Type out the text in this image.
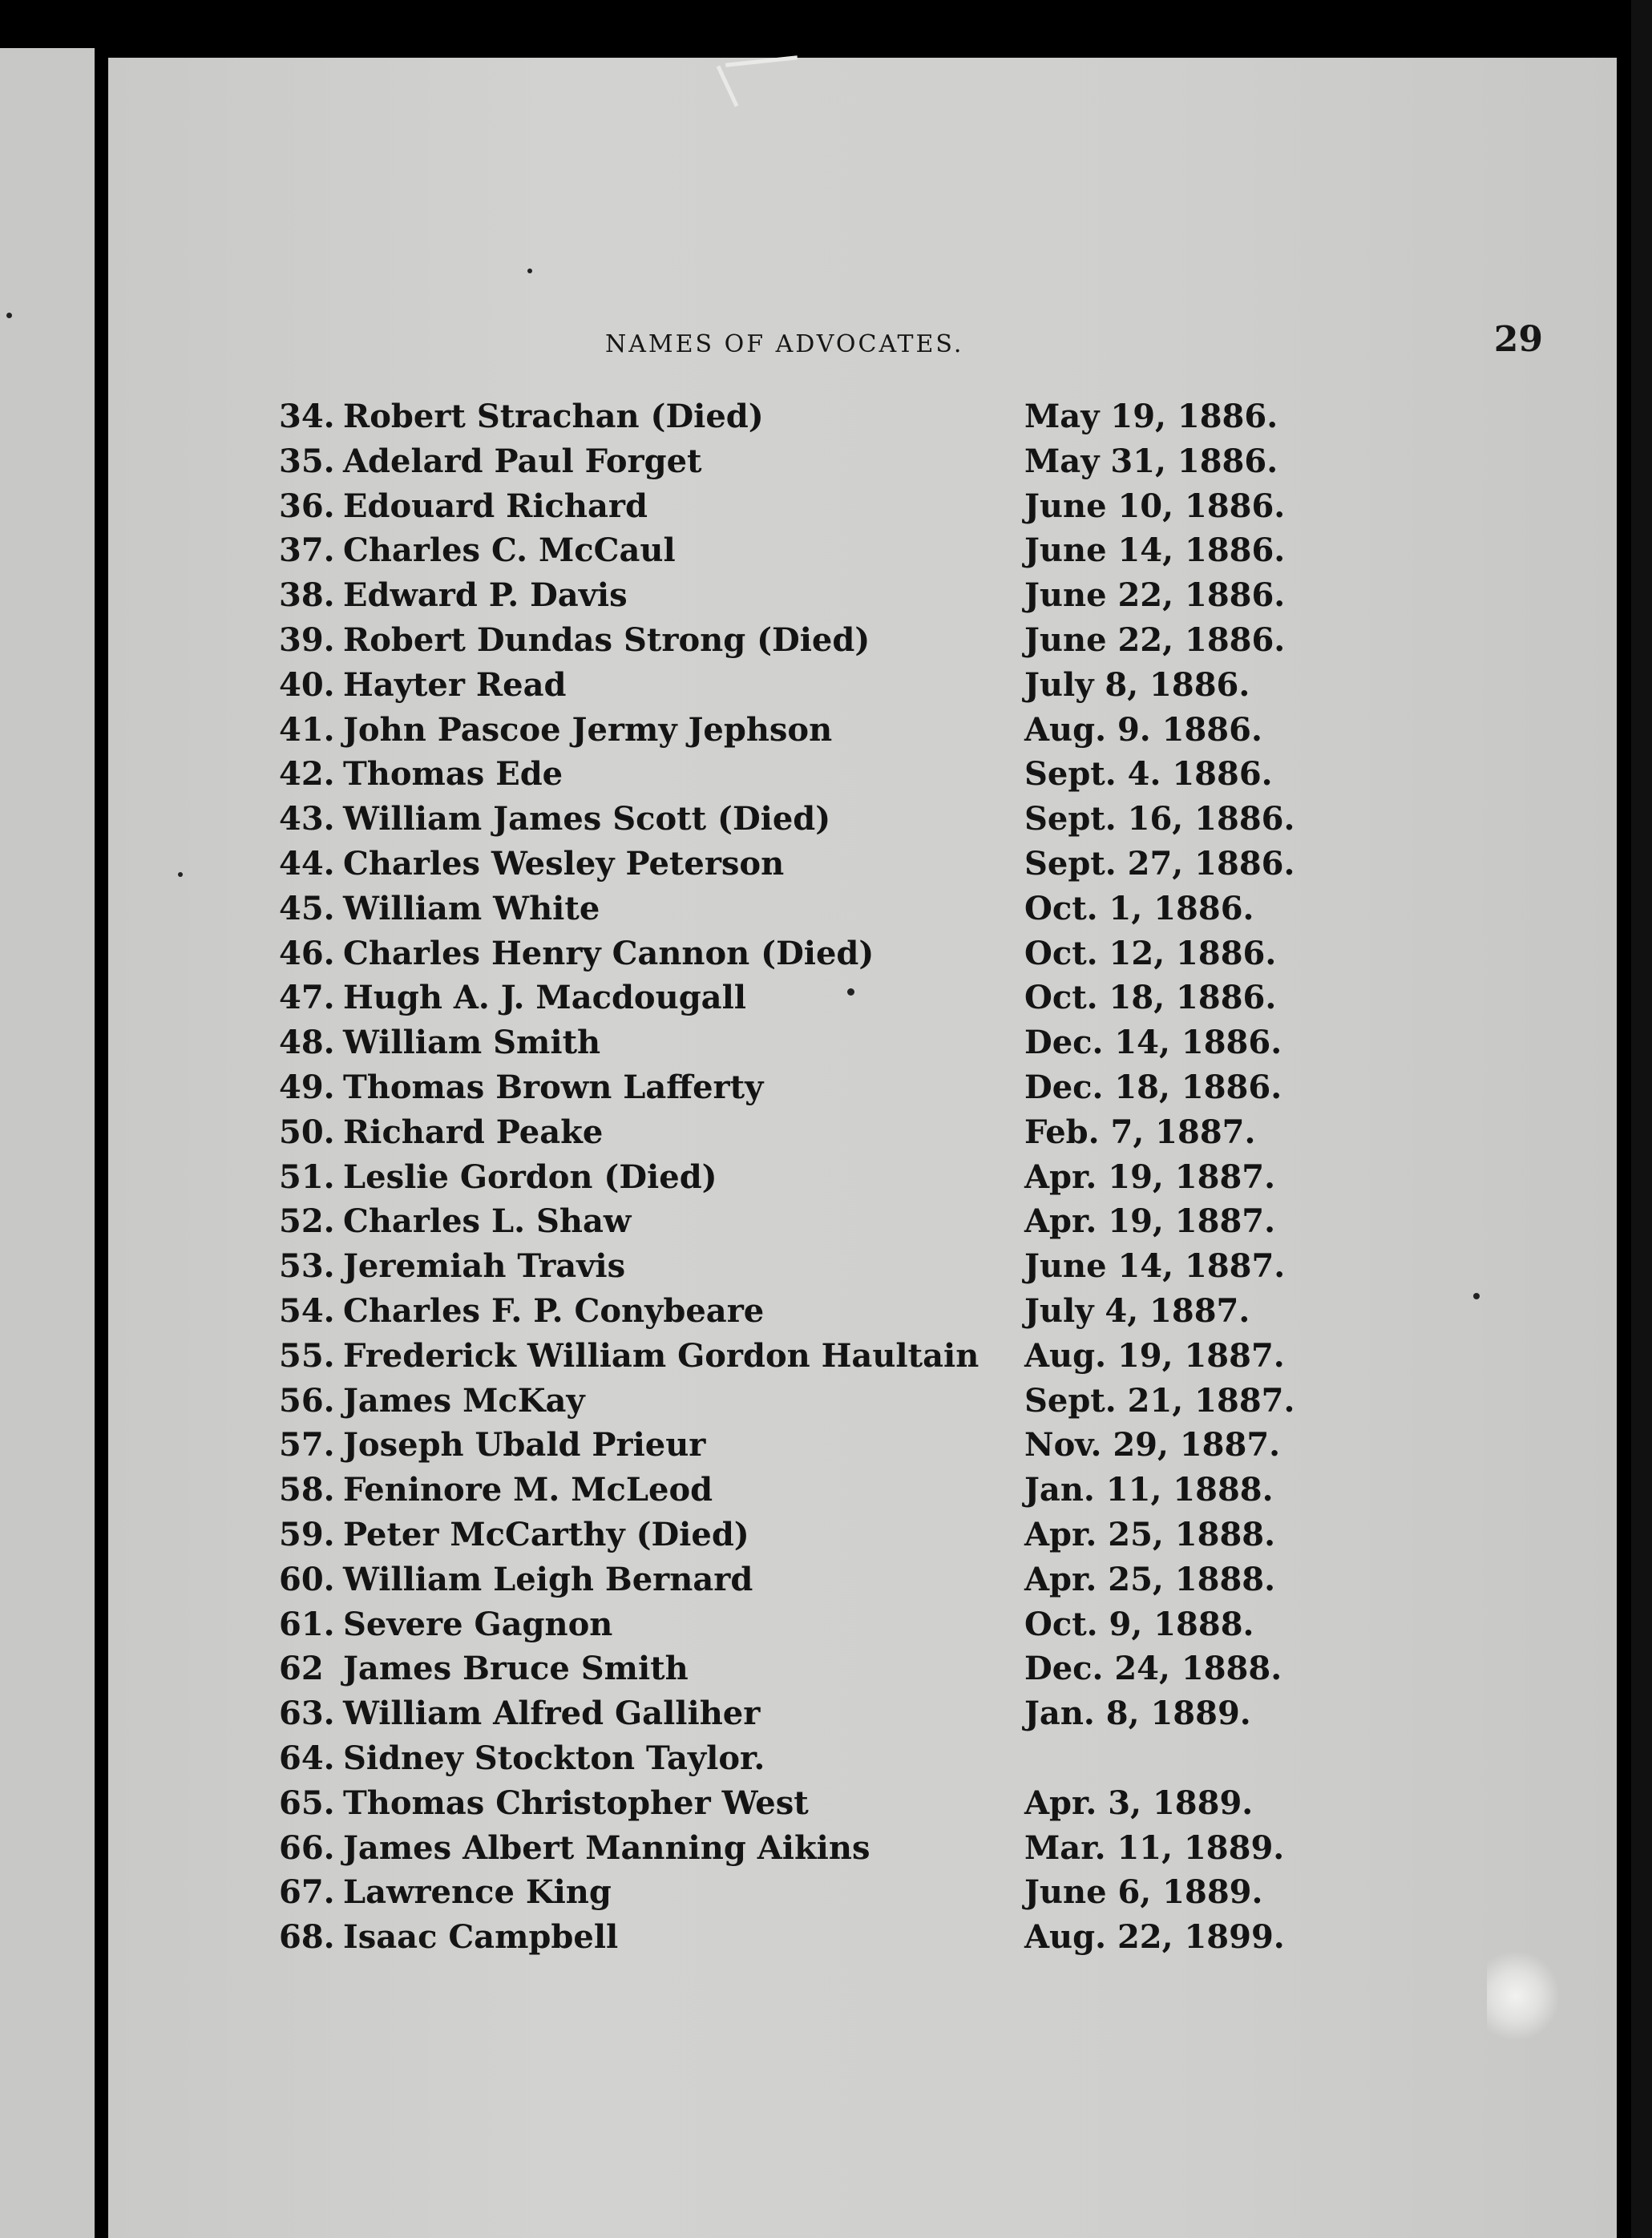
NAMES OF ADVOCATES.	29
34. Robert Strachan (Died)	May 19, 1886.
35. Adelard Paul Forget	May 31, 1886.
36. Edouard Richard	June 10, 1886.
37. Charles C. McCaul	June 14, 1886.
38. Edward P. Davis	June 22, 1886.
39. Robert Dundas Strong (Died)	June 22, 1886.
40. Hayter Read	July 8, 1886.
41. John Pascoe Jermy Jephson	Aug. 9. 1886.
42. Thomas Ede	Sept. 4. 1886.
43. William James Scott (Died)	Sept. 16, 1886.
44. Charles Wesley Peterson	Sept. 27, 1886.
45. William White	Oct. 1, 1886.
46. Charles Henry Cannon (Died)	Oct. 12, 1886.
47. Hugh A. J. Macdougall	Oct. 18, 1886.
48. William Smith	Dec. 14, 1886.
49. Thomas Brown Lafferty	Dec. 18, 1886.
50. Richard Peake	Feb. 7, 1887.
51. Leslie Gordon (Died)	Apr. 19, 1887.
52. Charles L. Shaw	Apr. 19, 1887.
53. Jeremiah Travis	June 14, 1887.
54. Charles F. P. Conybeare	July 4, 1887.
55. Frederick William Gordon Haultain Aug. 19, 1887.
56. James McKay	Sept. 21, 1887.
57. Joseph Ubald Prieur	Nov. 29, 1887.
58. Feninore M. McLeod	Jan. 11, 1888.
59. Peter McCarthy (Died)	Apr. 25, 1888.
60. William Leigh Bernard	Apr. 25, 1888.
61. Severe Gagnon	Oct. 9, 1888.
62 James Bruce Smith	Dec. 24, 1888.
63. William Alfred Galliher	Jan. 8, 1889.
64. Sidney Stockton Taylor.
65. Thomas Christopher West	Apr. 3, 1889.
66. James Albert Manning Aikins	Mar. 11, 1889.
67. Lawrence King	June 6, 1889.
68. Isaac Campbell	Aug. 22, 1899.
